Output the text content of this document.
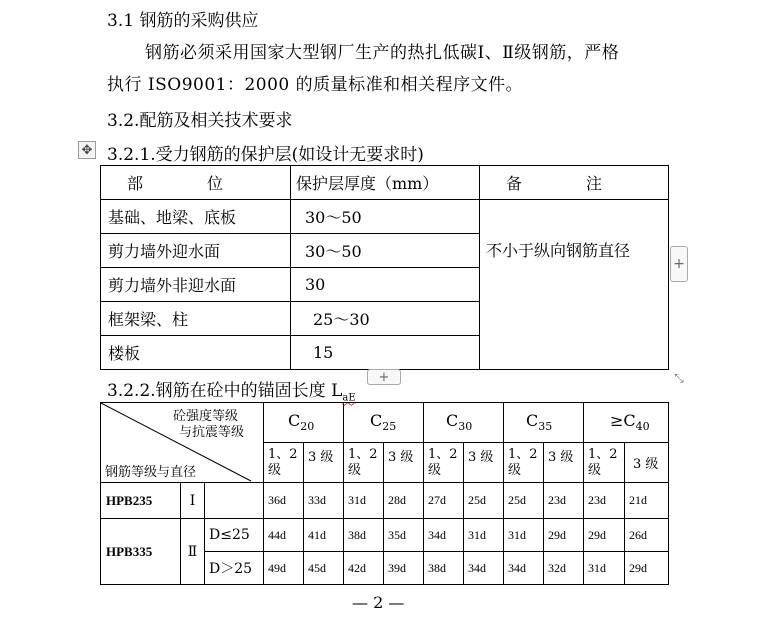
3.1 钢筋的采购供应
钢筋必须采用国家大型钢厂生产的热扎低碳Ⅰ、Ⅱ级钢筋，严格
执行 ISO9001：2000 的质量标准和相关程序文件。
3.2.配筋及相关技术要求
✥ 3.2.1.受力钢筋的保护层(如设计无要求时)
部　　　　位	保护层厚度（mm）	备　　　　注
基础、地梁、底板	30～50	不小于纵向钢筋直径
剪力墙外迎水面	30～50	
剪力墙外非迎水面	30	
框架梁、柱	25～30	
楼板	15	
+
3.2.2.钢筋在砼中的锚固长度 $L_{aE}$
+	⤡
砼强度等级
与抗震等级
钢筋等级与直径			$C_{20}$		$C_{25}$		$C_{30}$		$C_{35}$		$\ge C_{40}$
			1、2级	3 级	1、2级	3 级	1、2级	3 级	1、2级	3 级	1、2级	3 级
HPB235	Ⅰ		36d	33d	31d	28d	27d	25d	25d	23d	23d	21d
HPB335	Ⅱ	D≤25	44d	41d	38d	35d	34d	31d	31d	29d	29d	26d
		D＞25	49d	45d	42d	39d	38d	34d	34d	32d	31d	29d
— 2 —
